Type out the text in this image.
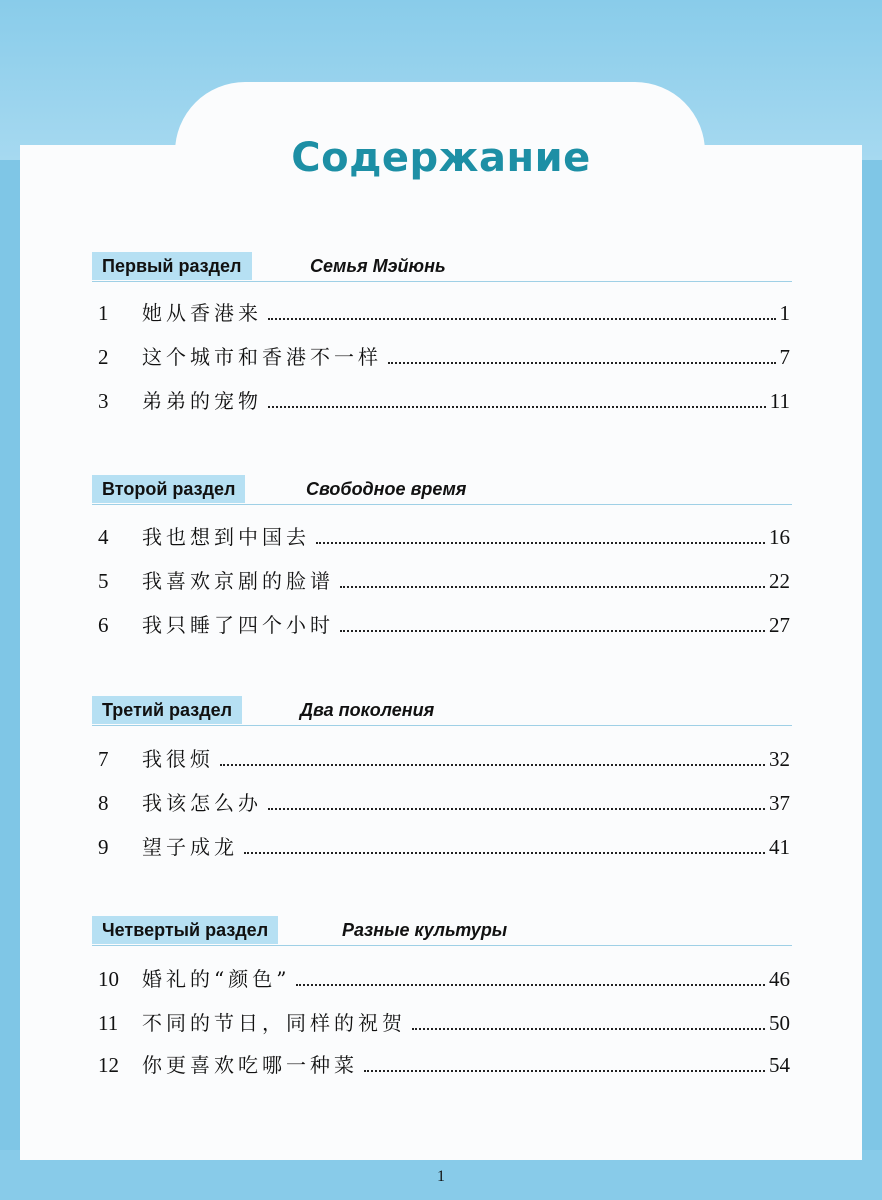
Содержание
Первый раздел	Семья Мэйюнь
1	她从香港来	1
2	这个城市和香港不一样	7
3	弟弟的宠物	11
Второй раздел	Свободное время
4	我也想到中国去	16
5	我喜欢京剧的脸谱	22
6	我只睡了四个小时	27
Третий раздел	Два поколения
7	我很烦	32
8	我该怎么办	37
9	望子成龙	41
Четвертый раздел	Разные культуры
10	婚礼的“颜色”	46
11	不同的节日，同样的祝贺	50
12	你更喜欢吃哪一种菜	54
1
